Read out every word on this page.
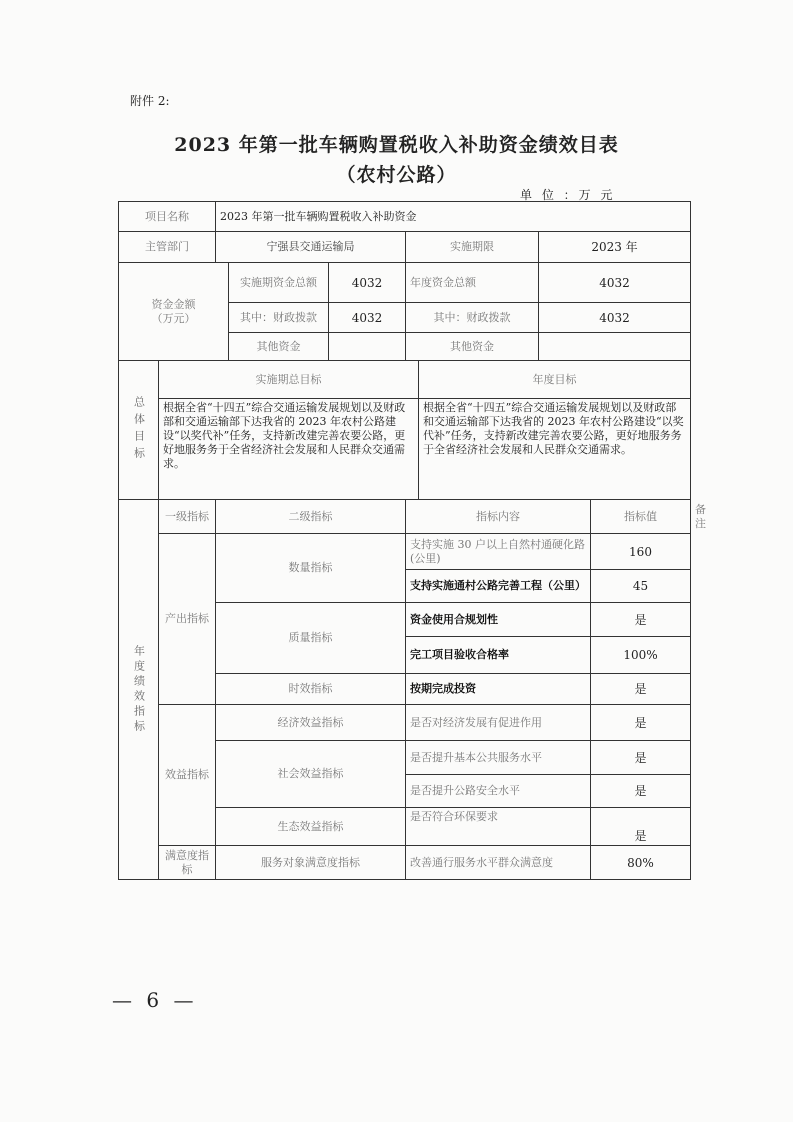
附件 2:
2023 年第一批车辆购置税收入补助资金绩效目表
（农村公路）
单 位 ：万 元
项目名称		2023 年第一批车辆购置税收入补助资金							
主管部门		宁强县交通运输局			实施期限		2023 年		

资金金额
（万元）			实施期资金总额	4032	年度资金总额		4032		
			其中：财政拨款	4032	其中：财政拨款		4032		
			其他资金		其他资金				
总体目标	实施期总目标					年度目标			
	根据全省“十四五”综合交通运输发展规划以及财政部和交通运输部下达我省的 2023 年农村公路建设“以奖代补”任务，支持新改建完善农要公路，更好地服务务于全省经济社会发展和人民群众交通需求。					根据全省“十四五”综合交通运输发展规划以及财政部和交通运输部下达我省的 2023 年农村公路建设“以奖代补”任务，支持新改建完善农要公路，更好地服务务于全省经济社会发展和人民群众交通需求。			
年度绩效指标	一级指标	二级指标			指标内容			指标值	备注
	产出指标	数量指标			支持实施 30 户以上自然村通硬化路(公里)			160	
					支持实施通村公路完善工程（公里）			45	
		质量指标			资金使用合规划性			是	
					完工项目验收合格率			100%	
		时效指标			按期完成投资			是	
	效益指标	经济效益指标			是否对经济发展有促进作用			是	
		社会效益指标			是否提升基本公共服务水平			是	
					是否提升公路安全水平			是	
		生态效益指标			是否符合环保要求			是	
	满意度指标	服务对象满意度指标			改善通行服务水平群众满意度			80%	
— 6 —
